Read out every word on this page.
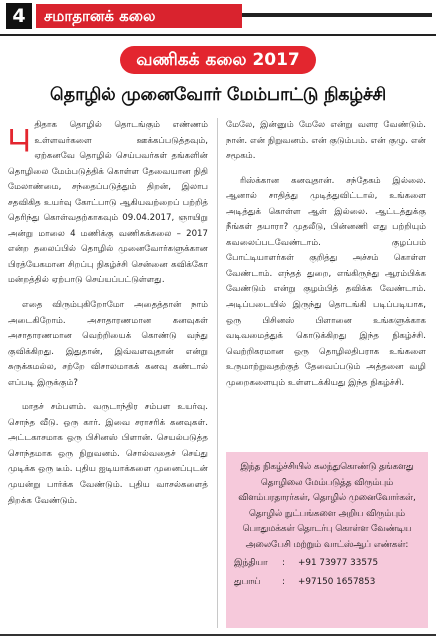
4	சமாதானக் கலை
வணிகக் கலை 2017
தொழில் முனைவோர் மேம்பாட்டு நிகழ்ச்சி

புதிதாக தொழில் தொடங்கும் எண்ணம் உள்ளவர்களை ஊக்கப்படுத்தவும், ஏற்கனவே தொழில் செய்பவர்கள் தங்களின் தொழிலை மேம்படுத்திக் கொள்ள தேவையான நிதி மேலாண்மை, சந்தைப்படுத்தும் திறன், இலாப சதவிகித உயர்வு கோட்பாடு ஆகியவற்றைப் பற்றித் தெரிந்து கொள்வதற்காகவும் 09.04.2017, ஞாயிறு அன்று மாலை 4 மணிக்கு வணிகக்கலை – 2017 என்ற தலைப்பில் தொழில் முனைவோர்களுக்கான பிரத்யேகமான சிறப்பு நிகழ்ச்சி சென்னை கவிக்கோ மன்றத்தில் ஏற்பாடு செய்யப்பட்டுள்ளது.

எதை விரும்புகிறோமோ அதைத்தான் நாம் அடைகிறோம். அசாதாரணமான கனவுகள் அசாதாரணமான வெற்றியைக் கொண்டு வந்து குவிக்கிறது. இதுதான், இவ்வளவுதான் என்று சுருக்கமல்ல, சற்றே விசாலமாகக் கனவு கண்டால் எப்படி இருக்கும்?

மாதச் சம்பளம். வருடாந்திர சம்பள உயர்வு. சொந்த வீடு. ஒரு கார். இவை சராசரிக் கனவுகள். அட்டகாசமாக ஒரு பிசினஸ் பிளான். செயல்படுத்த சொந்தமாக ஒரு நிறுவனம். சொல்வதைச் செய்து முடிக்க ஒரு டீம். புதிய ஐடியாக்களை முனைப்புடன் முயன்று பார்க்க வேண்டும். புதிய வாசல்களைத் திறக்க வேண்டும்.

மேலே, இன்னும் மேலே என்று வளர வேண்டும். நான். என் நிறுவனம். என் குடும்பம். என் குழு. என் சமூகம்.

ரிஸ்க்கான கனவுதான். சந்தேகம் இல்லை. ஆனால் சாதித்து முடித்துவிட்டால், உங்களை அடித்துக் கொள்ள ஆள் இல்லை. ஆட்டத்துக்கு நீங்கள் தயாரா? முதலீடு, பின்னணி எது பற்றியும் கவலைப்படவேண்டாம். குழப்பம் போட்டியாளர்கள் குறித்து அச்சம் கொள்ள வேண்டாம். எந்தத் துறை, எங்கிருந்து ஆரம்பிக்க வேண்டும் என்று குழம்பித் தவிக்க வேண்டாம். அடிப்படையில் இருந்து தொடங்கி படிப்படியாக, ஒரு பிசினஸ் பிளானை உங்களுக்காக வடிவமைத்துக் கொடுக்கிறது இந்த நிகழ்ச்சி. வெற்றிகரமான ஒரு தொழிலதிபராக உங்களை உருமாற்றுவதற்குத் தேவைப்படும் அத்தனை வழி முறைகளையும் உள்ளடக்கியது இந்த நிகழ்ச்சி.

இந்த நிகழ்ச்சியில் கலந்துகொண்டு தங்களது தொழிலை மேம்படுத்த விரும்பும் விளம்பரதாரர்கள், தொழில் முனைவோர்கள், தொழில் நுட்பங்களை அறிய விரும்பும் பொதுமக்கள் தொடர்பு கொள்ள வேண்டிய அலைபேசி மற்றும் வாட்ஸ்ஆப் எண்கள்:

இந்தியா : +91 73977 33575
துபாய் : +97150 1657853
